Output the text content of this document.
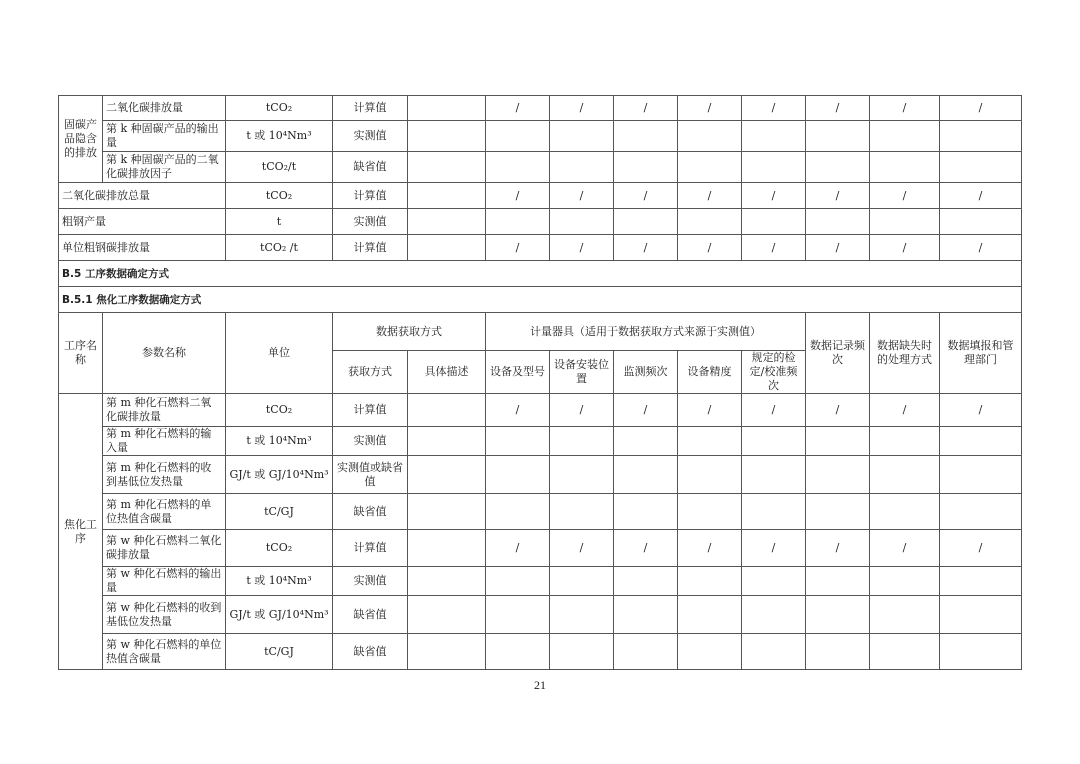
固碳产品隐含的排放	二氧化碳排放量	tCO₂	计算值		/	/	/	/	/	/	/	/
	第 k 种固碳产品的输出量	t 或 10⁴Nm³	实测值									
	第 k 种固碳产品的二氧化碳排放因子	tCO₂/t	缺省值									
二氧化碳排放总量		tCO₂	计算值		/	/	/	/	/	/	/	/
粗钢产量		t	实测值									
单位粗钢碳排放量		tCO₂ /t	计算值		/	/	/	/	/	/	/	/
B.5 工序数据确定方式												
B.5.1 焦化工序数据确定方式												
工序名称	参数名称	单位	数据获取方式		计量器具（适用于数据获取方式来源于实测值）					数据记录频次	数据缺失时的处理方式	数据填报和管理部门
			获取方式	具体描述	设备及型号	设备安装位置	监测频次	设备精度	规定的检定/校准频次			
焦化工序	第 m 种化石燃料二氧化碳排放量	tCO₂	计算值		/	/	/	/	/	/	/	/
	第 m 种化石燃料的输入量	t 或 10⁴Nm³	实测值									
	第 m 种化石燃料的收到基低位发热量	GJ/t 或 GJ/10⁴Nm³	实测值或缺省值									
	第 m 种化石燃料的单位热值含碳量	tC/GJ	缺省值									
	第 w 种化石燃料二氧化碳排放量	tCO₂	计算值		/	/	/	/	/	/	/	/
	第 w 种化石燃料的输出量	t 或 10⁴Nm³	实测值									
	第 w 种化石燃料的收到基低位发热量	GJ/t 或 GJ/10⁴Nm³	缺省值									
	第 w 种化石燃料的单位热值含碳量	tC/GJ	缺省值									
21
